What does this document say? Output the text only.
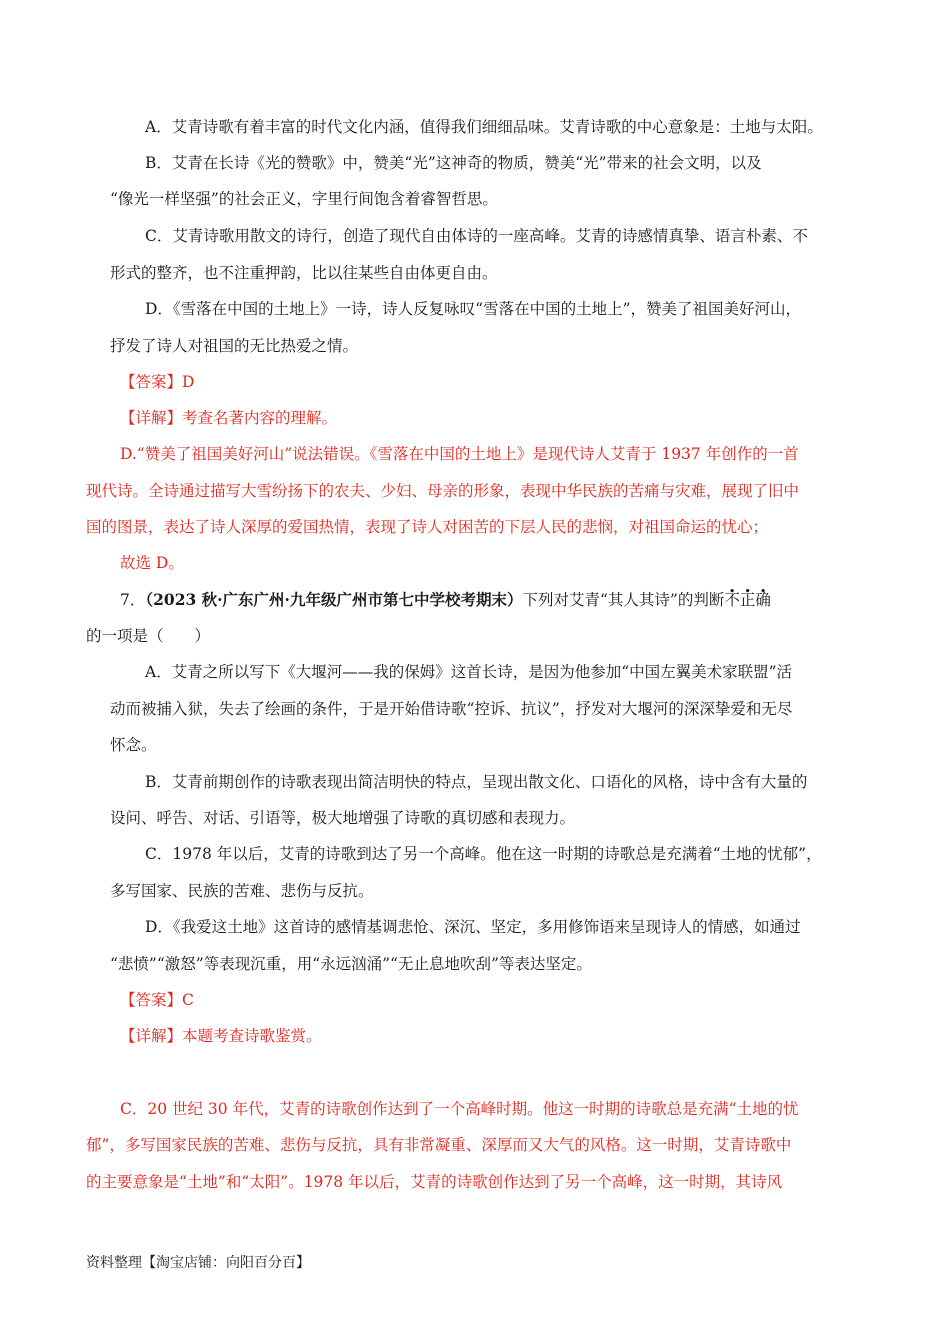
A．艾青诗歌有着丰富的时代文化内涵，值得我们细细品味。艾青诗歌的中心意象是：土地与太阳。
B．艾青在长诗《光的赞歌》中，赞美“光”这神奇的物质，赞美“光”带来的社会文明，以及
“像光一样坚强”的社会正义，字里行间饱含着睿智哲思。
C．艾青诗歌用散文的诗行，创造了现代自由体诗的一座高峰。艾青的诗感情真挚、语言朴素、不
形式的整齐，也不注重押韵，比以往某些自由体更自由。
D．《雪落在中国的土地上》一诗，诗人反复咏叹“雪落在中国的土地上”，赞美了祖国美好河山，
抒发了诗人对祖国的无比热爱之情。
【答案】D
【详解】考查名著内容的理解。
D.“赞美了祖国美好河山”说法错误。《雪落在中国的土地上》是现代诗人艾青于 1937 年创作的一首
现代诗。全诗通过描写大雪纷扬下的农夫、少妇、母亲的形象，表现中华民族的苦痛与灾难，展现了旧中
国的图景，表达了诗人深厚的爱国热情，表现了诗人对困苦的下层人民的悲悯，对祖国命运的忧心；
故选 D。
7．（2023 秋·广东广州·九年级广州市第七中学校考期末）下列对艾青“其人其诗”的判断不正确
的一项是（　　）
A．艾青之所以写下《大堰河——我的保姆》这首长诗，是因为他参加“中国左翼美术家联盟”活
动而被捕入狱，失去了绘画的条件，于是开始借诗歌“控诉、抗议”，抒发对大堰河的深深挚爱和无尽
怀念。
B．艾青前期创作的诗歌表现出简洁明快的特点，呈现出散文化、口语化的风格，诗中含有大量的
设问、呼告、对话、引语等，极大地增强了诗歌的真切感和表现力。
C．1978 年以后，艾青的诗歌到达了另一个高峰。他在这一时期的诗歌总是充满着“土地的忧郁”，
多写国家、民族的苦难、悲伤与反抗。
D．《我爱这土地》这首诗的感情基调悲怆、深沉、坚定，多用修饰语来呈现诗人的情感，如通过
“悲愤”“激怒”等表现沉重，用“永远汹涌”“无止息地吹刮”等表达坚定。
【答案】C
【详解】本题考查诗歌鉴赏。
C．20 世纪 30 年代，艾青的诗歌创作达到了一个高峰时期。他这一时期的诗歌总是充满“土地的忧
郁”，多写国家民族的苦难、悲伤与反抗，具有非常凝重、深厚而又大气的风格。这一时期，艾青诗歌中
的主要意象是“土地”和“太阳”。1978 年以后，艾青的诗歌创作达到了另一个高峰，这一时期，其诗风
资料整理【淘宝店铺：向阳百分百】
